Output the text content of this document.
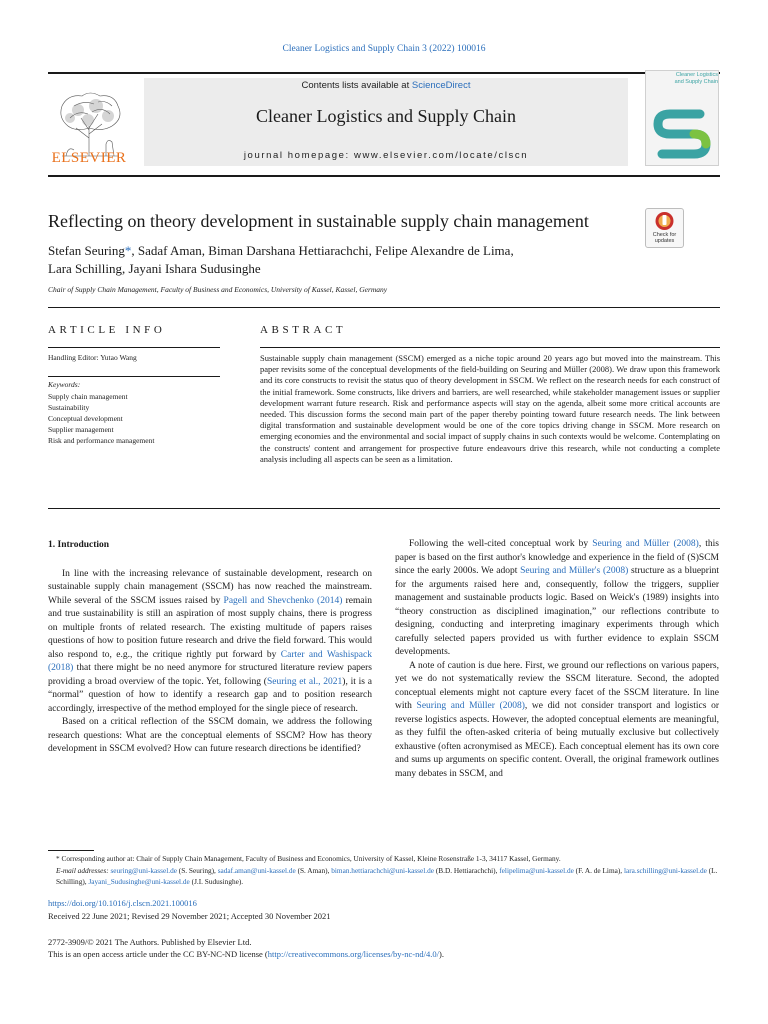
Cleaner Logistics and Supply Chain 3 (2022) 100016
ELSEVIER
Contents lists available at ScienceDirect
Cleaner Logistics and Supply Chain
journal homepage: www.elsevier.com/locate/clscn
Cleaner Logistics and Supply Chain
Reflecting on theory development in sustainable supply chain management
Check for updates
Stefan Seuring*, Sadaf Aman, Biman Darshana Hettiarachchi, Felipe Alexandre de Lima,
Lara Schilling, Jayani Ishara Sudusinghe
Chair of Supply Chain Management, Faculty of Business and Economics, University of Kassel, Kassel, Germany
ARTICLE INFO	ABSTRACT
Handling Editor: Yutao Wang
Keywords:
Supply chain management
Sustainability
Conceptual development
Supplier management
Risk and performance management
Sustainable supply chain management (SSCM) emerged as a niche topic around 20 years ago but moved into the mainstream. This paper revisits some of the conceptual developments of the field-building on Seuring and Müller (2008). We draw upon this framework and its core constructs to revisit the status quo of theory development in SSCM. We reflect on the research needs for each construct of the initial framework. Some constructs, like drivers and barriers, are well researched, while stakeholder management issues or supplier development warrant future research. Risk and performance aspects will stay on the agenda, albeit some more critical accounts are needed. This discussion forms the second main part of the paper thereby pointing toward future research needs. The link between digital transformation and sustainable development would be one of the core topics driving change in SSCM. More research on emerging economies and the environmental and social impact of supply chains in such contexts would be welcome. Contemplating on the constructs' content and arrangement for prospective future endeavours drive this research, while not conducting a complete analysis including all aspects can be seen as a limitation.
1. Introduction

In line with the increasing relevance of sustainable development, research on sustainable supply chain management (SSCM) has now reached the mainstream. While several of the SSCM issues raised by Pagell and Shevchenko (2014) remain and true sustainability is still an aspiration of most supply chains, there is progress on multiple fronts of related research. The existing multitude of papers raises questions of how to position future research and drive the field forward. This would also respond to, e.g., the critique rightly put forward by Carter and Washispack (2018) that there might be no need anymore for structured literature review papers providing a broad overview of the topic. Yet, following (Seuring et al., 2021), it is a “normal” question of how to identify a research gap and to position research accordingly, irrespective of the method employed for the single piece of research.

Based on a critical reflection of the SSCM domain, we address the following research questions: What are the conceptual elements of SSCM? How has theory development in SSCM evolved? How can future research directions be identified?

Following the well-cited conceptual work by Seuring and Müller (2008), this paper is based on the first author's knowledge and experience in the field of (S)SCM since the early 2000s. We adopt Seuring and Müller's (2008) structure as a blueprint for the arguments raised here and, consequently, follow the triggers, supplier management and sustainable products logic. Based on Weick's (1989) insights into “theory construction as disciplined imagination,” our reflections contribute to designing, conducting and interpreting imaginary experiments through which carefully selected papers provided us with further evidence to explain SSCM developments.

A note of caution is due here. First, we ground our reflections on various papers, yet we do not systematically review the SSCM literature. Second, the adopted conceptual elements might not capture every facet of the SSCM literature. In line with Seuring and Müller (2008), we did not consider transport and logistics or reverse logistics aspects. However, the adopted conceptual elements are meaningful, as they fulfil the often-asked criteria of being mutually exclusive but collectively exhaustive (often acronymised as MECE). Each conceptual element has its own core and sums up arguments on specific content. Overall, the original framework outlines many debates in SSCM, and

* Corresponding author at: Chair of Supply Chain Management, Faculty of Business and Economics, University of Kassel, Kleine Rosenstraße 1-3, 34117 Kassel, Germany.
E-mail addresses: seuring@uni-kassel.de (S. Seuring), sadaf.aman@uni-kassel.de (S. Aman), biman.hettiarachchi@uni-kassel.de (B.D. Hettiarachchi), felipelima@uni-kassel.de (F. A. de Lima), lara.schilling@uni-kassel.de (L. Schilling), Jayani_Sudusinghe@uni-kassel.de (J.I. Sudusinghe).
https://doi.org/10.1016/j.clscn.2021.100016
Received 22 June 2021; Revised 29 November 2021; Accepted 30 November 2021
2772-3909/© 2021 The Authors. Published by Elsevier Ltd.
This is an open access article under the CC BY-NC-ND license (http://creativecommons.org/licenses/by-nc-nd/4.0/).
